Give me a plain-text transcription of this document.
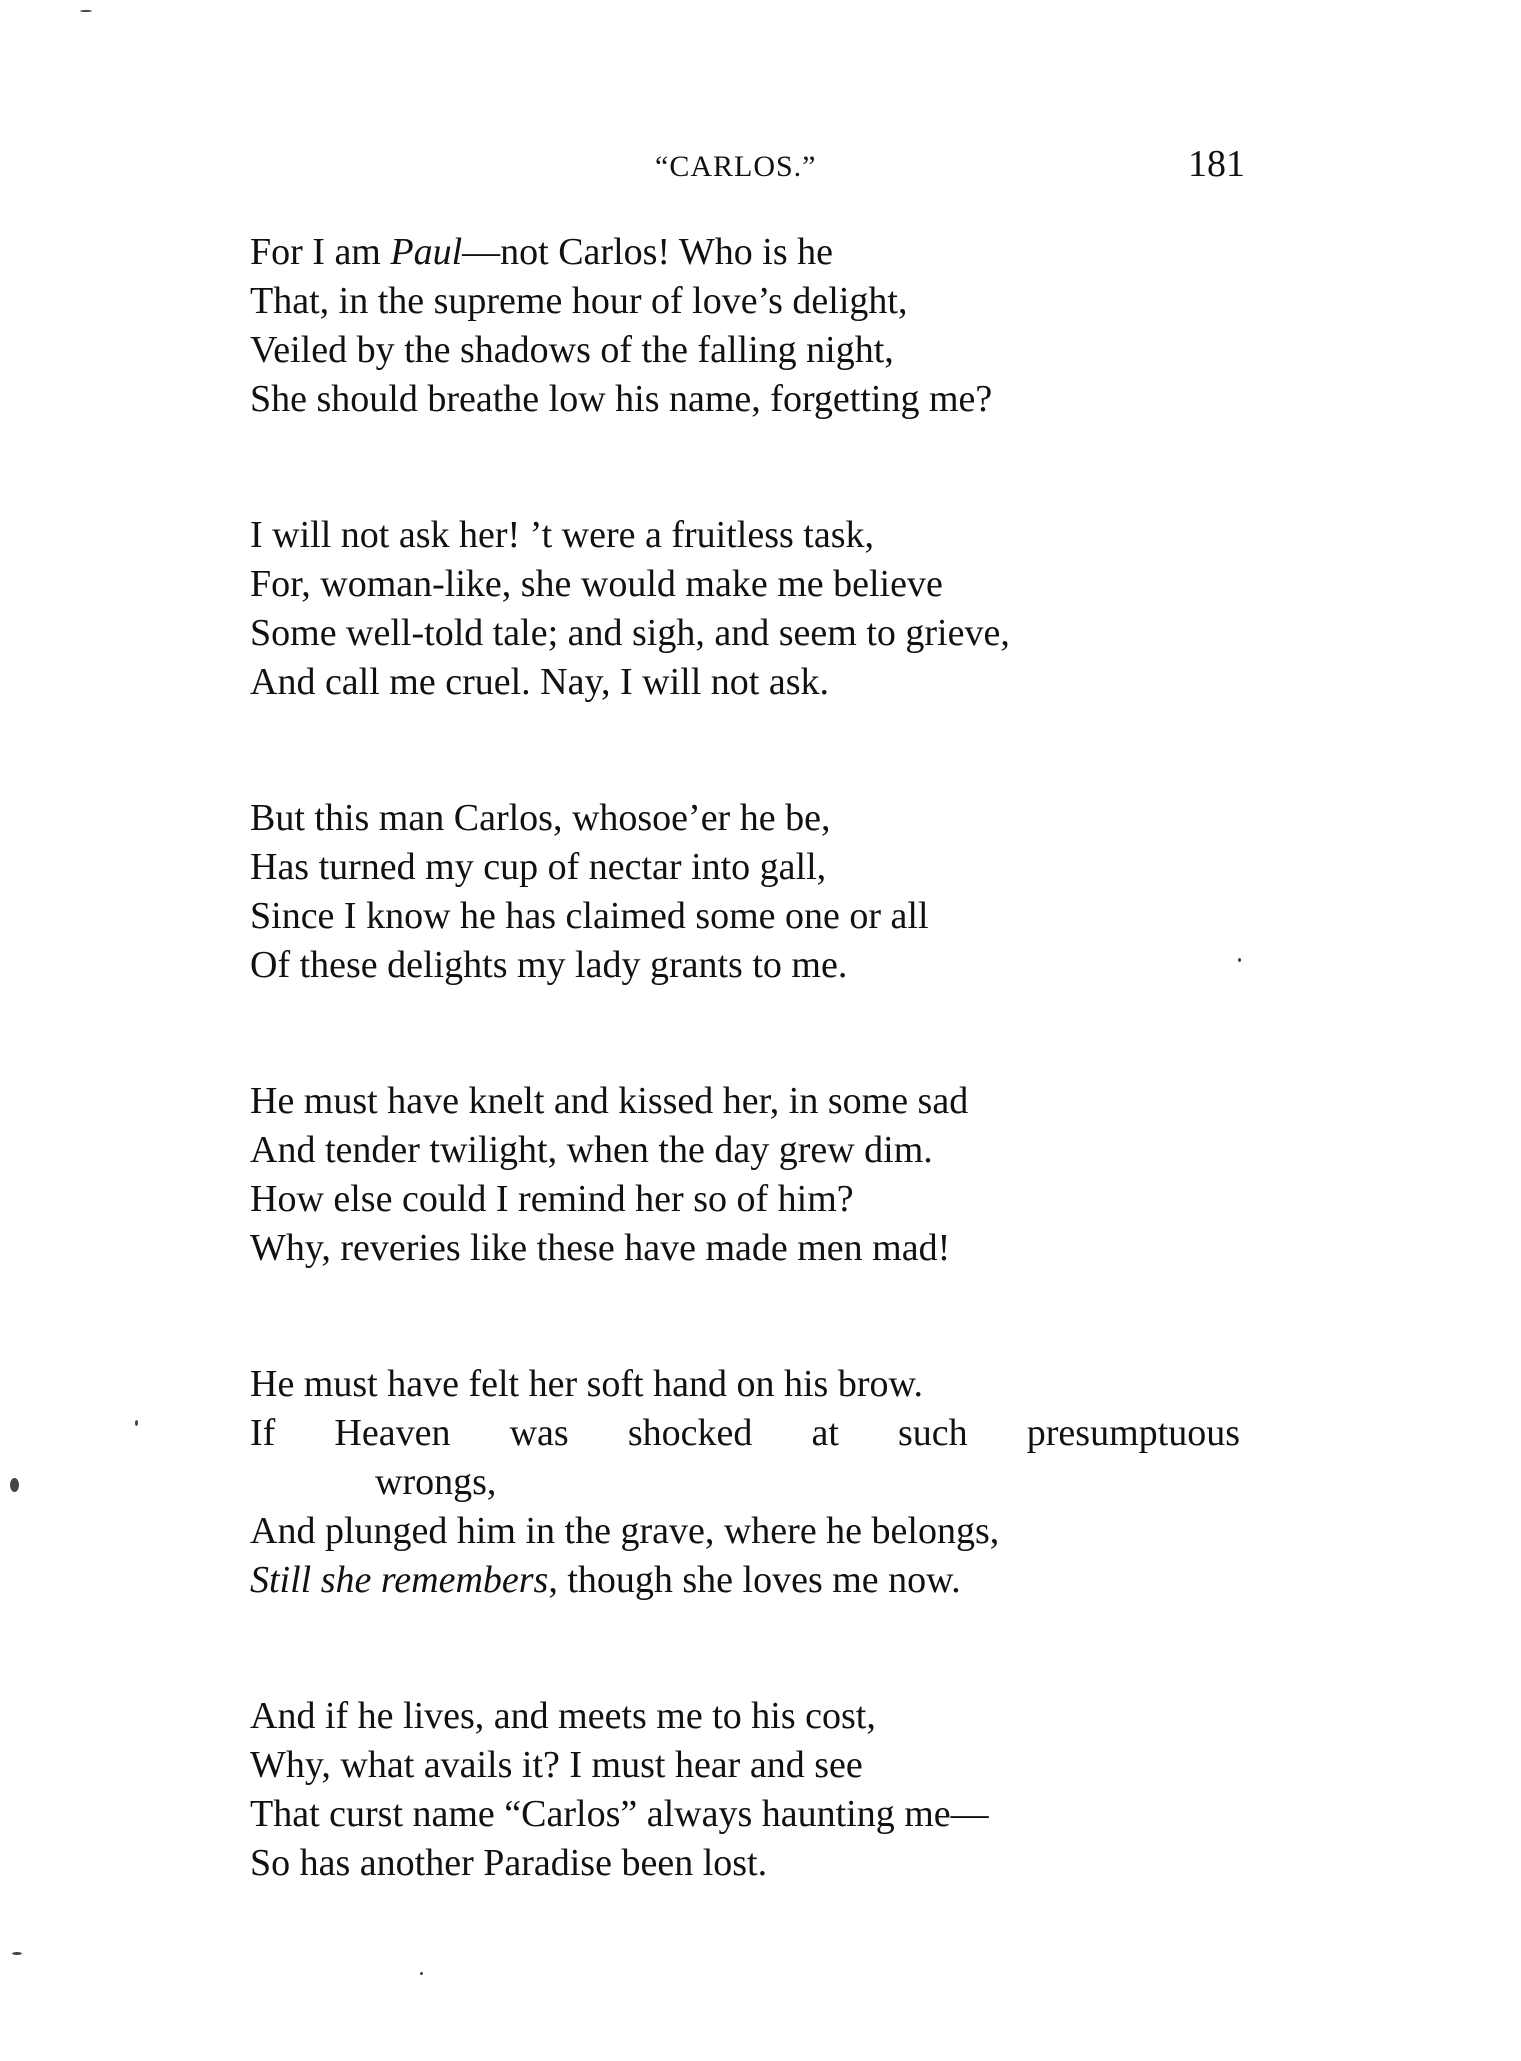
“CARLOS.”	181
For I am Paul—not Carlos! Who is he
That, in the supreme hour of love’s delight,
Veiled by the shadows of the falling night,
She should breathe low his name, forgetting me?
I will not ask her! ’t were a fruitless task,
For, woman-like, she would make me believe
Some well-told tale; and sigh, and seem to grieve,
And call me cruel. Nay, I will not ask.
But this man Carlos, whosoe’er he be,
Has turned my cup of nectar into gall,
Since I know he has claimed some one or all
Of these delights my lady grants to me.
He must have knelt and kissed her, in some sad
And tender twilight, when the day grew dim.
How else could I remind her so of him?
Why, reveries like these have made men mad!
He must have felt her soft hand on his brow.
If Heaven was shocked at such presumptuous
wrongs,
And plunged him in the grave, where he belongs,
Still she remembers, though she loves me now.
And if he lives, and meets me to his cost,
Why, what avails it? I must hear and see
That curst name “Carlos” always haunting me—
So has another Paradise been lost.
